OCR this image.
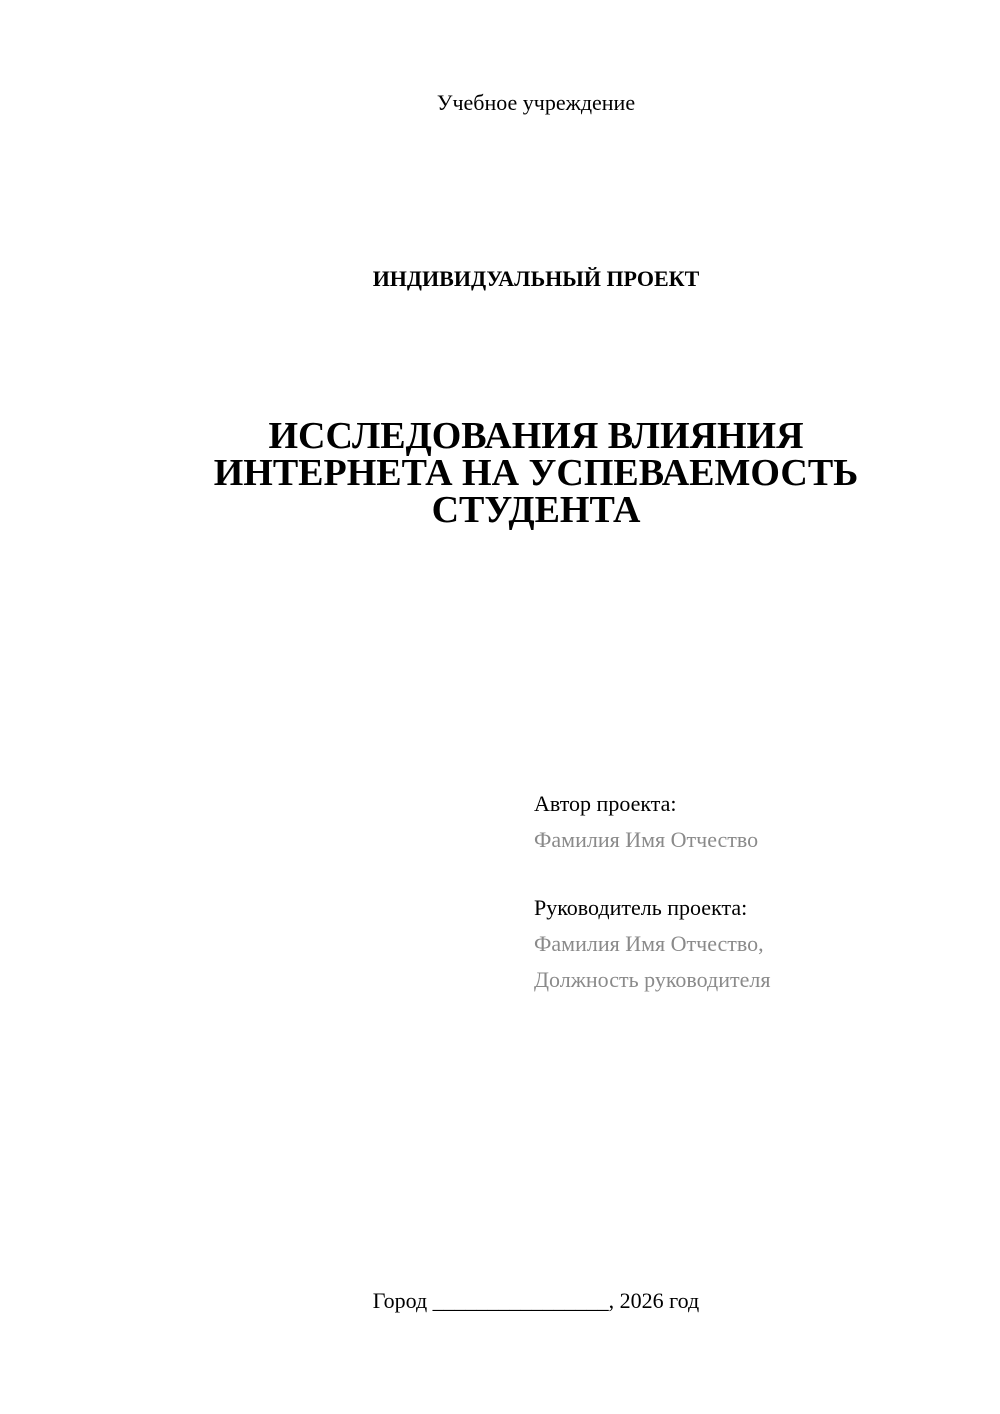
Учебное учреждение
ИНДИВИДУАЛЬНЫЙ ПРОЕКТ
ИССЛЕДОВАНИЯ ВЛИЯНИЯ
ИНТЕРНЕТА НА УСПЕВАЕМОСТЬ
СТУДЕНТА
Автор проекта:
Фамилия Имя Отчество
Руководитель проекта:
Фамилия Имя Отчество,
Должность руководителя
Город ________________, 2026 год
